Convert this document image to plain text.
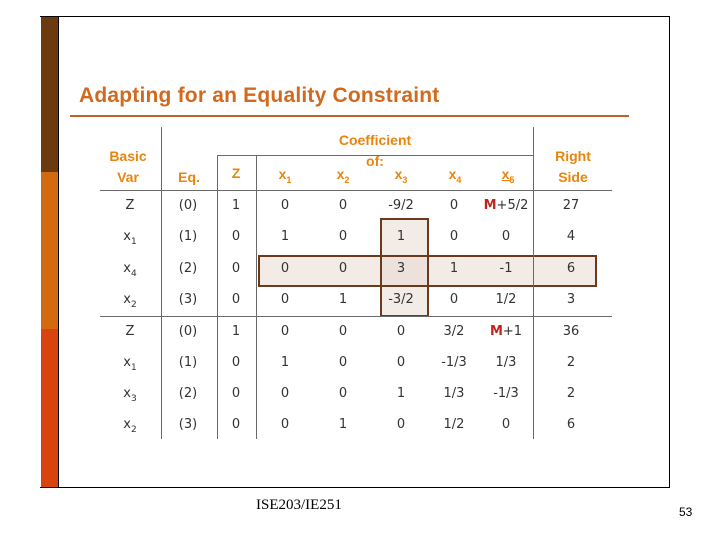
Adapting for an Equality Constraint
Coefficient of:
Basic
Var	Eq.	Z	$x_1$	$x_2$	$x_3$	$x_4$	$x_5$
Right
Side
Z	(0)	1	0	0	-9/2	0	M+5/2	27
$x_1$	(1)	0	1	0	1	0	0	4
$x_4$	(2)	0	0	0	3	1	-1	6
$x_2$	(3)	0	0	1	-3/2	0	1/2	3
Z	(0)	1	0	0	0	3/2	M+1	36
$x_1$	(1)	0	1	0	0	-1/3	1/3	2
$x_3$	(2)	0	0	0	1	1/3	-1/3	2
$x_2$	(3)	0	0	1	0	1/2	0	6
ISE203/IE251	53
